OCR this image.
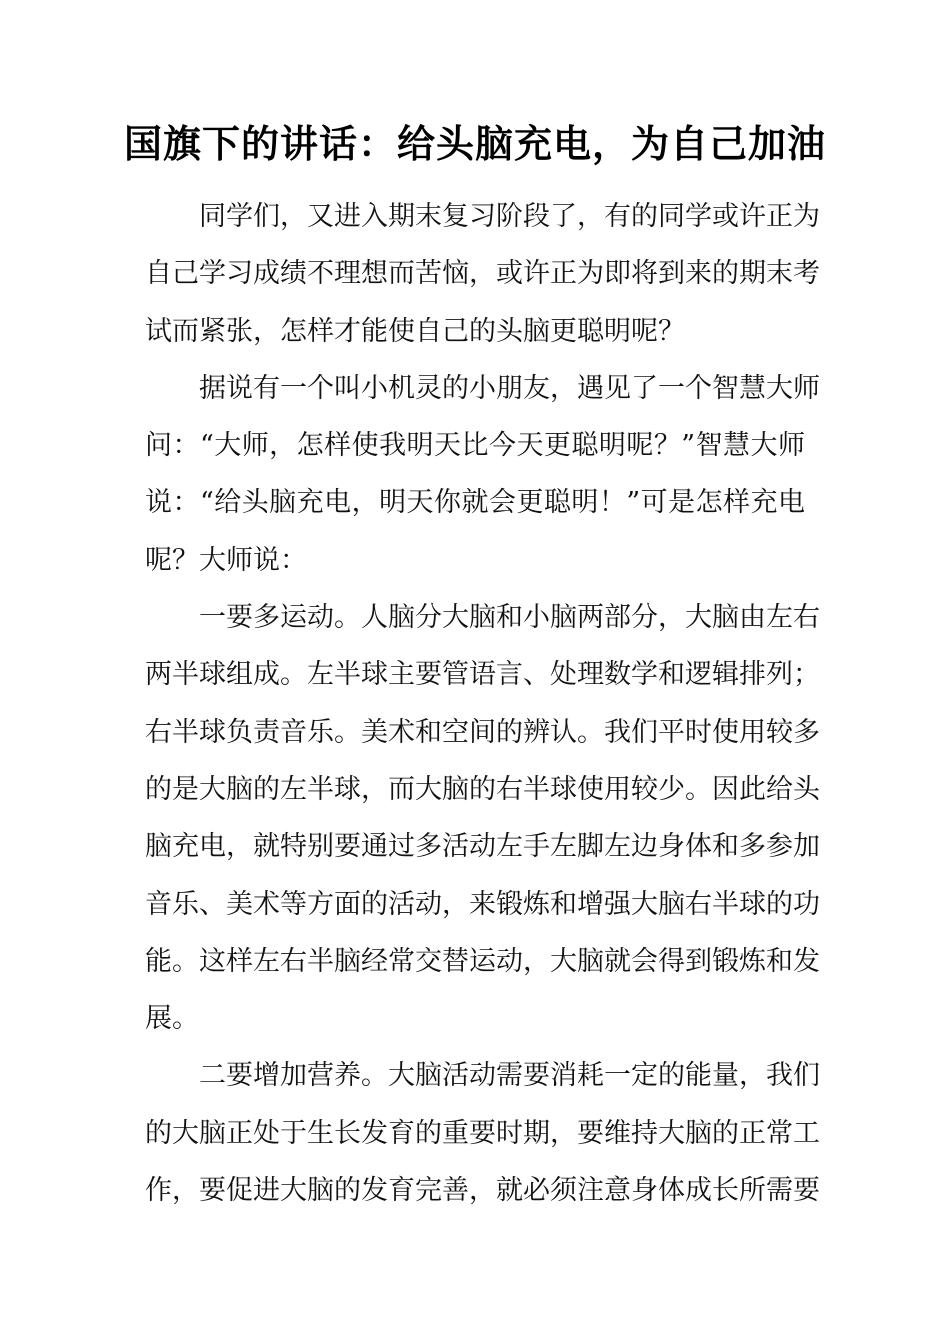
国旗下的讲话：给头脑充电，为自己加油
同学们，又进入期末复习阶段了，有的同学或许正为
自己学习成绩不理想而苦恼，或许正为即将到来的期末考
试而紧张，怎样才能使自己的头脑更聪明呢？
据说有一个叫小机灵的小朋友，遇见了一个智慧大师
问：“大师，怎样使我明天比今天更聪明呢？”智慧大师
说：“给头脑充电，明天你就会更聪明！”可是怎样充电
呢？大师说：
一要多运动。人脑分大脑和小脑两部分，大脑由左右
两半球组成。左半球主要管语言、处理数学和逻辑排列；
右半球负责音乐。美术和空间的辨认。我们平时使用较多
的是大脑的左半球，而大脑的右半球使用较少。因此给头
脑充电，就特别要通过多活动左手左脚左边身体和多参加
音乐、美术等方面的活动，来锻炼和增强大脑右半球的功
能。这样左右半脑经常交替运动，大脑就会得到锻炼和发
展。
二要增加营养。大脑活动需要消耗一定的能量，我们
的大脑正处于生长发育的重要时期，要维持大脑的正常工
作，要促进大脑的发育完善，就必须注意身体成长所需要
